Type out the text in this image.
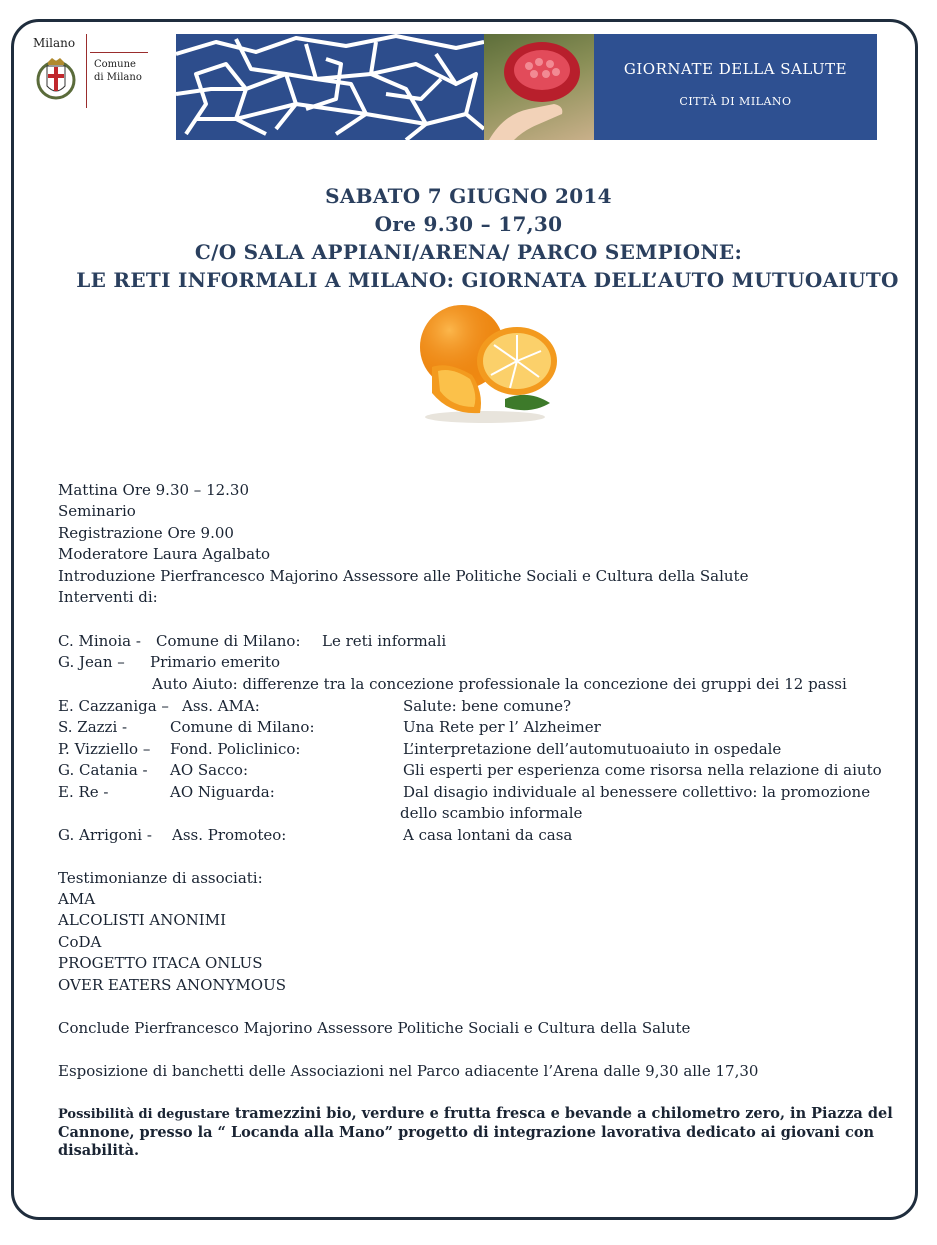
Milano
Comune
di Milano	GIORNATE DELLA SALUTE
CITTÀ DI MILANO
SABATO 7 GIUGNO 2014
Ore 9.30 – 17,30
C/O SALA APPIANI/ARENA/ PARCO SEMPIONE:
LE RETI INFORMALI A MILANO: GIORNATA DELL’AUTO MUTUOAIUTO
Mattina Ore 9.30 – 12.30
Seminario
Registrazione Ore 9.00
Moderatore Laura Agalbato
Introduzione Pierfrancesco Majorino Assessore alle Politiche Sociali e Cultura della Salute
Interventi di:
C. Minoia - Comune di Milano: Le reti informali
G. Jean – Primario emerito
Auto Aiuto: differenze tra la concezione professionale la concezione dei gruppi dei 12 passi
E. Cazzaniga – Ass. AMA:	Salute: bene comune?
S. Zazzi -	Comune di Milano:	Una Rete per l’ Alzheimer
P. Vizziello – Fond. Policlinico:	L’interpretazione dell’automutuoaiuto in ospedale
G. Catania - AO Sacco:	Gli esperti per esperienza come risorsa nella relazione di aiuto
E. Re -	AO Niguarda:	Dal disagio individuale al benessere collettivo: la promozione
dello scambio informale
G. Arrigoni - Ass. Promoteo:	A casa lontani da casa
Testimonianze di associati:
AMA
ALCOLISTI ANONIMI
CoDA
PROGETTO ITACA ONLUS
OVER EATERS ANONYMOUS
Conclude Pierfrancesco Majorino Assessore Politiche Sociali e Cultura della Salute
Esposizione di banchetti delle Associazioni nel Parco adiacente l’Arena dalle 9,30 alle 17,30
Possibilità di degustare tramezzini bio, verdure e frutta fresca e bevande a chilometro zero, in Piazza del Cannone, presso la “ Locanda alla Mano” progetto di integrazione lavorativa dedicato ai giovani con disabilità.
